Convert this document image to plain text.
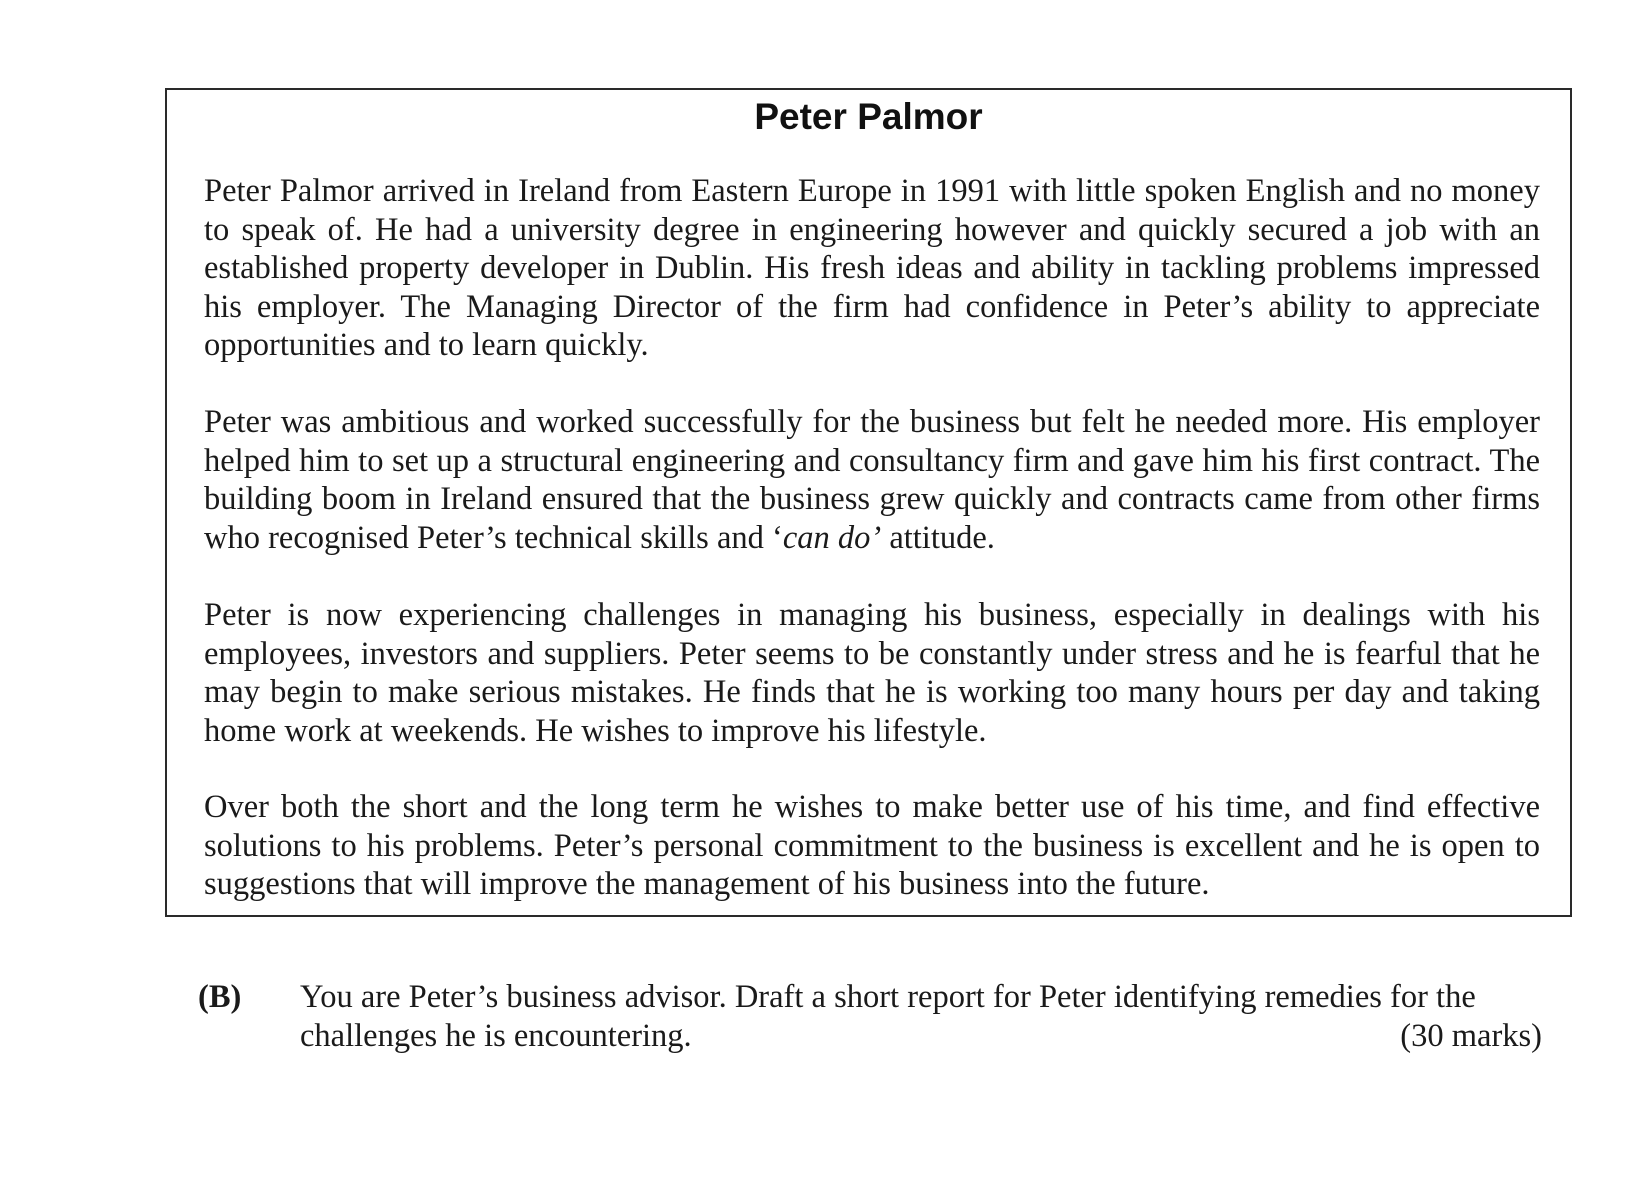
Peter Palmor

Peter Palmor arrived in Ireland from Eastern Europe in 1991 with little spoken English and no money to speak of. He had a university degree in engineering however and quickly secured a job with an established property developer in Dublin. His fresh ideas and ability in tackling problems impressed his employer. The Managing Director of the firm had confidence in Peter’s ability to appreciate opportunities and to learn quickly.

Peter was ambitious and worked successfully for the business but felt he needed more. His employer helped him to set up a structural engineering and consultancy firm and gave him his first contract. The building boom in Ireland ensured that the business grew quickly and contracts came from other firms who recognised Peter’s technical skills and ‘can do’ attitude.

Peter is now experiencing challenges in managing his business, especially in dealings with his employees, investors and suppliers. Peter seems to be constantly under stress and he is fearful that he may begin to make serious mistakes. He finds that he is working too many hours per day and taking home work at weekends. He wishes to improve his lifestyle.

Over both the short and the long term he wishes to make better use of his time, and find effective solutions to his problems. Peter’s personal commitment to the business is excellent and he is open to suggestions that will improve the management of his business into the future.

(B) You are Peter’s business advisor. Draft a short report for Peter identifying remedies for the
challenges he is encountering.	(30 marks)
